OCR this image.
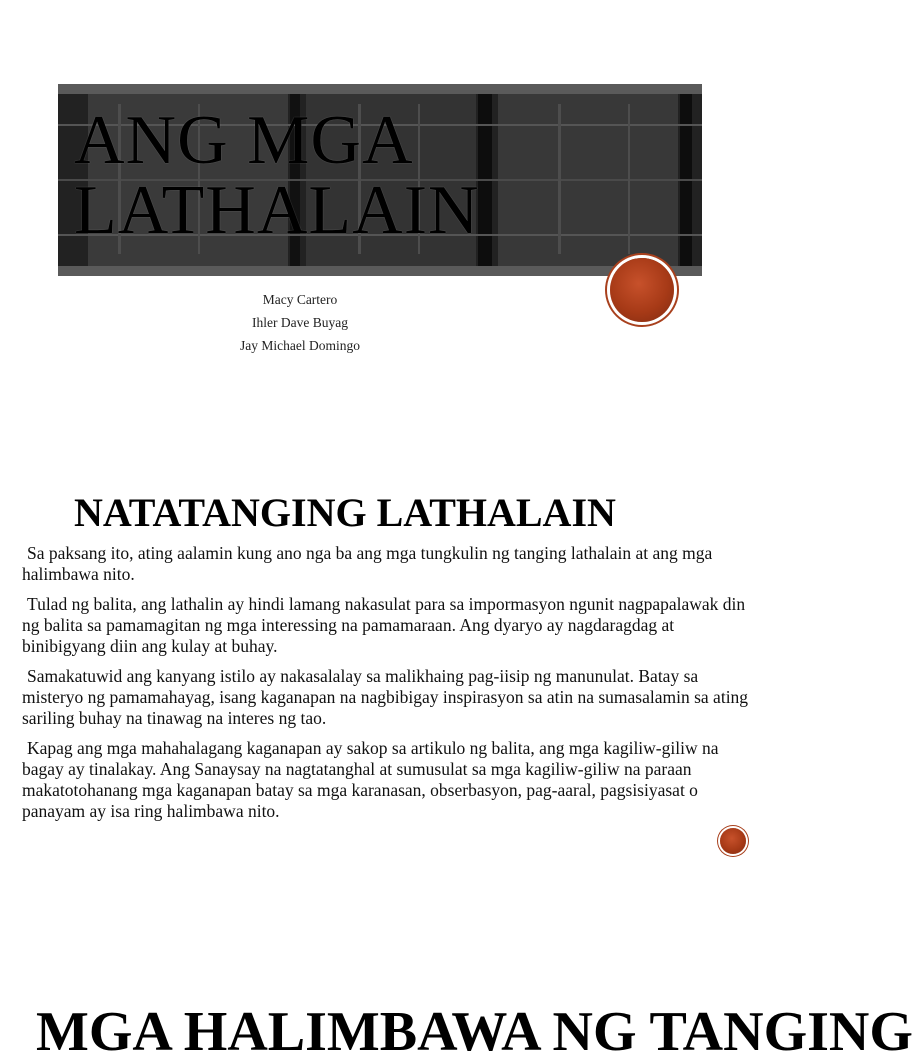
ANG MGA
LATHALAIN
Macy Cartero
Ihler Dave Buyag
Jay Michael Domingo
NATATANGING LATHALAIN

Sa paksang ito, ating aalamin kung ano nga ba ang mga tungkulin ng tanging lathalain at ang mga halimbawa nito.

Tulad ng balita, ang lathalin ay hindi lamang nakasulat para sa impormasyon ngunit nagpapalawak din ng balita sa pamamagitan ng mga interessing na pamamaraan. Ang dyaryo ay nagdaragdag at binibigyang diin ang kulay at buhay.

Samakatuwid ang kanyang istilo ay nakasalalay sa malikhaing pag-iisip ng manunulat. Batay sa misteryo ng pamamahayag, isang kaganapan na nagbibigay inspirasyon sa atin na sumasalamin sa ating sariling buhay na tinawag na interes ng tao.

Kapag ang mga mahahalagang kaganapan ay sakop sa artikulo ng balita, ang mga kagiliw-giliw na bagay ay tinalakay. Ang Sanaysay na nagtatanghal at sumusulat sa mga kagiliw-giliw na paraan makatotohanang mga kaganapan batay sa mga karanasan, obserbasyon, pag-aaral, pagsisiyasat o panayam ay isa ring halimbawa nito.

MGA HALIMBAWA NG TANGING
